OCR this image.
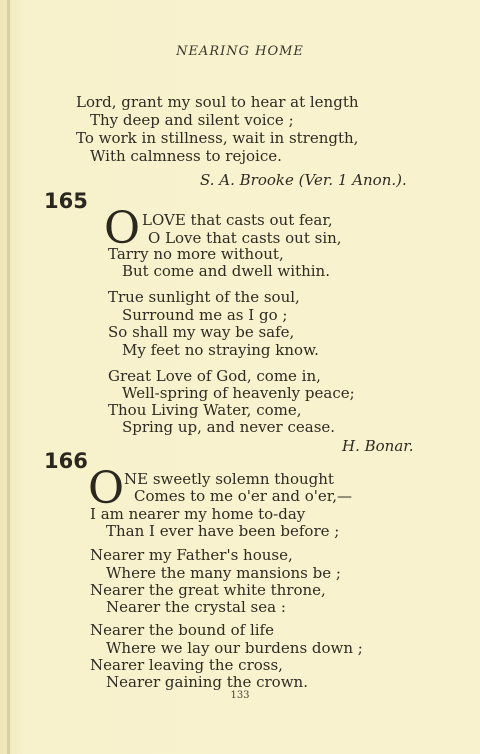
NEARING HOME
Lord, grant my soul to hear at length
Thy deep and silent voice ;
To work in stillness, wait in strength,
With calmness to rejoice.
S. A. Brooke (Ver. 1 Anon.).
165
O LOVE that casts out fear,
O Love that casts out sin,
Tarry no more without,
But come and dwell within.
True sunlight of the soul,
Surround me as I go ;
So shall my way be safe,
My feet no straying know.
Great Love of God, come in,
Well-spring of heavenly peace;
Thou Living Water, come,
Spring up, and never cease.
H. Bonar.
166
O NE sweetly solemn thought
Comes to me o'er and o'er,—
I am nearer my home to-day
Than I ever have been before ;
Nearer my Father's house,
Where the many mansions be ;
Nearer the great white throne,
Nearer the crystal sea :
Nearer the bound of life
Where we lay our burdens down ;
Nearer leaving the cross,
Nearer gaining the crown.
133
